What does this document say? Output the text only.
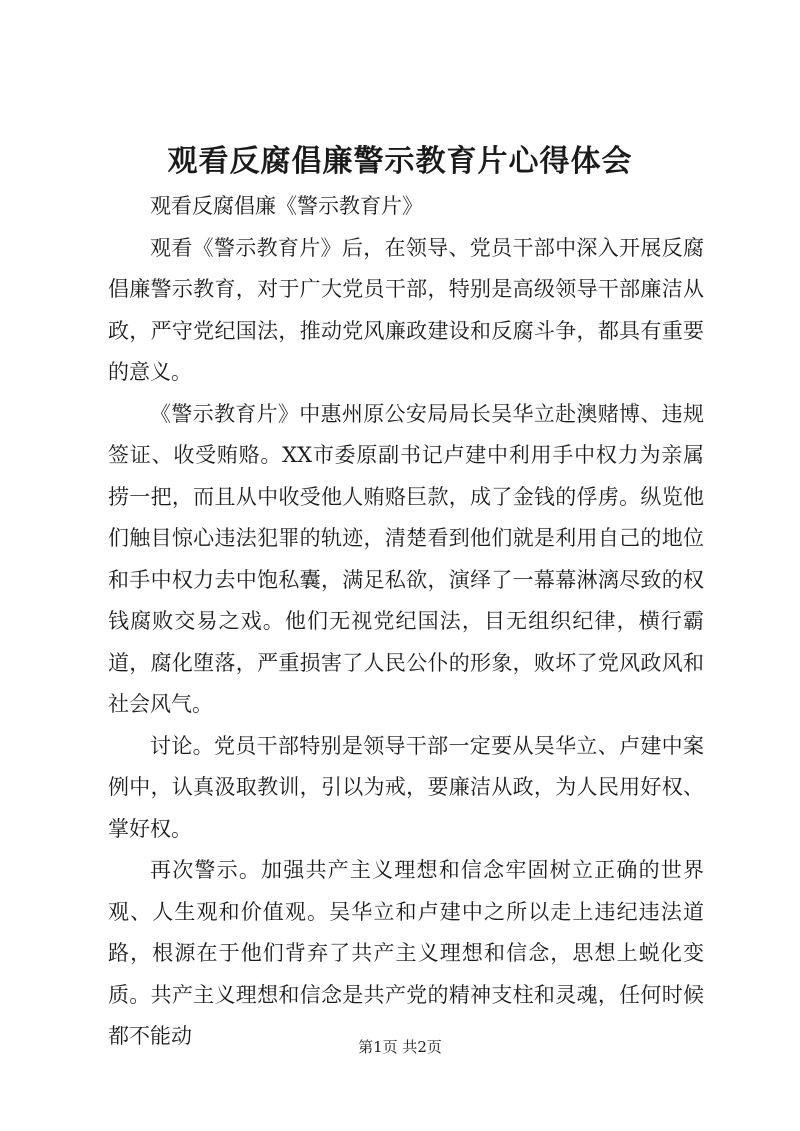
观看反腐倡廉警示教育片心得体会

观看反腐倡廉《警示教育片》

观看《警示教育片》后，在领导、党员干部中深入开展反腐倡廉警示教育，对于广大党员干部，特别是高级领导干部廉洁从政，严守党纪国法，推动党风廉政建设和反腐斗争，都具有重要的意义。

《警示教育片》中惠州原公安局局长吴华立赴澳赌博、违规签证、收受贿赂。XX市委原副书记卢建中利用手中权力为亲属捞一把，而且从中收受他人贿赂巨款，成了金钱的俘虏。纵览他们触目惊心违法犯罪的轨迹，清楚看到他们就是利用自己的地位和手中权力去中饱私囊，满足私欲，演绎了一幕幕淋漓尽致的权钱腐败交易之戏。他们无视党纪国法，目无组织纪律，横行霸道，腐化堕落，严重损害了人民公仆的形象，败坏了党风政风和社会风气。

讨论。党员干部特别是领导干部一定要从吴华立、卢建中案例中，认真汲取教训，引以为戒，要廉洁从政，为人民用好权、掌好权。

再次警示。加强共产主义理想和信念牢固树立正确的世界观、人生观和价值观。吴华立和卢建中之所以走上违纪违法道路，根源在于他们背弃了共产主义理想和信念，思想上蜕化变质。共产主义理想和信念是共产党的精神支柱和灵魂，任何时候都不能动	第1页 共2页
